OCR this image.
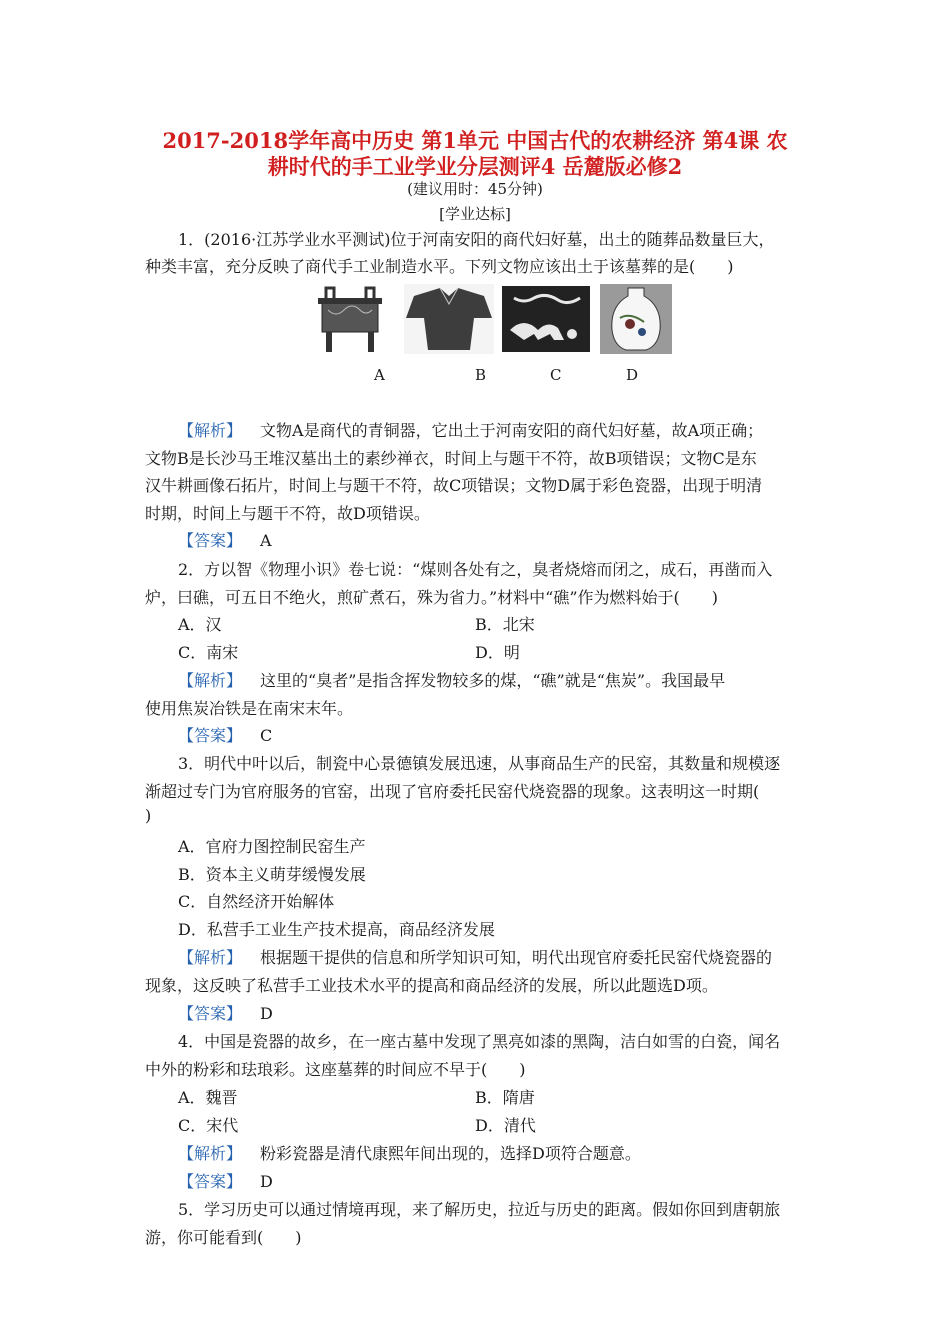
2017-2018学年高中历史 第1单元 中国古代的农耕经济 第4课 农
耕时代的手工业学业分层测评4 岳麓版必修2
(建议用时：45分钟)
[学业达标]
1．(2016·江苏学业水平测试)位于河南安阳的商代妇好墓，出土的随葬品数量巨大，
种类丰富，充分反映了商代手工业制造水平。下列文物应该出土于该墓葬的是(　　)
A	B	C	D
【解析】 文物A是商代的青铜器，它出土于河南安阳的商代妇好墓，故A项正确；
文物B是长沙马王堆汉墓出土的素纱禅衣，时间上与题干不符，故B项错误；文物C是东
汉牛耕画像石拓片，时间上与题干不符，故C项错误；文物D属于彩色瓷器，出现于明清
时期，时间上与题干不符，故D项错误。
【答案】 A
2．方以智《物理小识》卷七说：“煤则各处有之，臭者烧熔而闭之，成石，再凿而入
炉，曰礁，可五日不绝火，煎矿煮石，殊为省力。”材料中“礁”作为燃料始于(　　)
A．汉	B．北宋
C．南宋	D．明
【解析】 这里的“臭者”是指含挥发物较多的煤，“礁”就是“焦炭”。我国最早
使用焦炭冶铁是在南宋末年。
【答案】 C
3．明代中叶以后，制瓷中心景德镇发展迅速，从事商品生产的民窑，其数量和规模逐
渐超过专门为官府服务的官窑，出现了官府委托民窑代烧瓷器的现象。这表明这一时期(
)
A．官府力图控制民窑生产
B．资本主义萌芽缓慢发展
C．自然经济开始解体
D．私营手工业生产技术提高，商品经济发展
【解析】 根据题干提供的信息和所学知识可知，明代出现官府委托民窑代烧瓷器的
现象，这反映了私营手工业技术水平的提高和商品经济的发展，所以此题选D项。
【答案】 D
4．中国是瓷器的故乡，在一座古墓中发现了黑亮如漆的黑陶，洁白如雪的白瓷，闻名
中外的粉彩和珐琅彩。这座墓葬的时间应不早于(　　)
A．魏晋	B．隋唐
C．宋代	D．清代
【解析】 粉彩瓷器是清代康熙年间出现的，选择D项符合题意。
【答案】 D
5．学习历史可以通过情境再现，来了解历史，拉近与历史的距离。假如你回到唐朝旅
游，你可能看到(　　)
